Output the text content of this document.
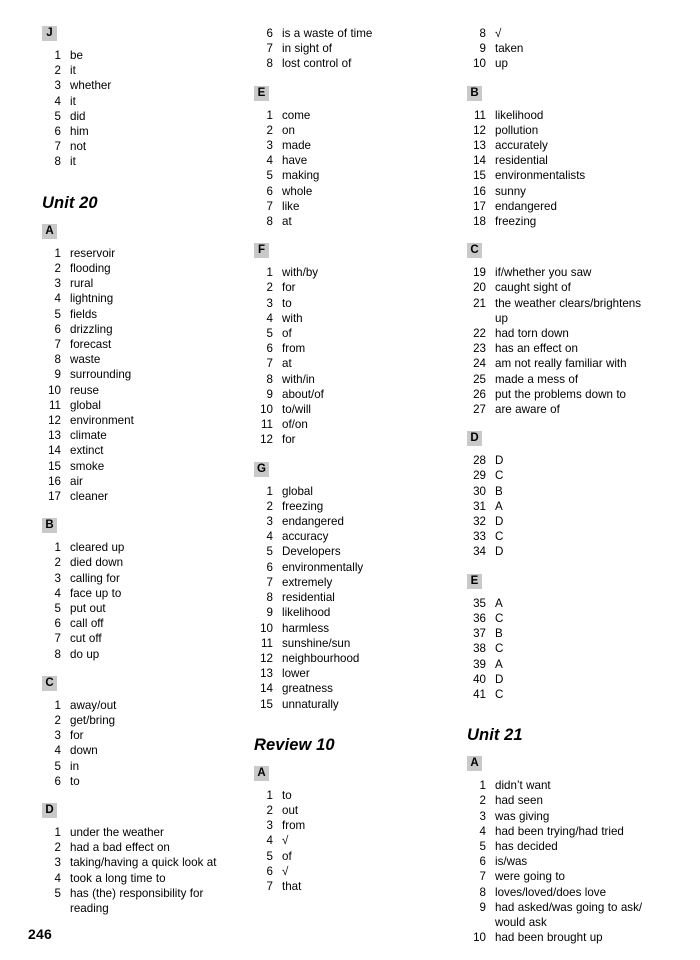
J
1 be
2 it
3 whether
4 it
5 did
6 him
7 not
8 it
Unit 20
A
1 reservoir
2 flooding
3 rural
4 lightning
5 fields
6 drizzling
7 forecast
8 waste
9 surrounding
10 reuse
11 global
12 environment
13 climate
14 extinct
15 smoke
16 air
17 cleaner
B
1 cleared up
2 died down
3 calling for
4 face up to
5 put out
6 call off
7 cut off
8 do up
C
1 away/out
2 get/bring
3 for
4 down
5 in
6 to
D
1 under the weather
2 had a bad effect on
3 taking/having a quick look at
4 took a long time to
5 has (the) responsibility for
reading
6 is a waste of time
7 in sight of
8 lost control of
E
1 come
2 on
3 made
4 have
5 making
6 whole
7 like
8 at
F
1 with/by
2 for
3 to
4 with
5 of
6 from
7 at
8 with/in
9 about/of
10 to/will
11 of/on
12 for
G
1 global
2 freezing
3 endangered
4 accuracy
5 Developers
6 environmentally
7 extremely
8 residential
9 likelihood
10 harmless
11 sunshine/sun
12 neighbourhood
13 lower
14 greatness
15 unnaturally
Review 10
A
1 to
2 out
3 from
4 √
5 of
6 √
7 that
8 √
9 taken
10 up
B
11 likelihood
12 pollution
13 accurately
14 residential
15 environmentalists
16 sunny
17 endangered
18 freezing
C
19 if/whether you saw
20 caught sight of
21 the weather clears/brightens up
22 had torn down
23 has an effect on
24 am not really familiar with
25 made a mess of
26 put the problems down to
27 are aware of
D
28 D
29 C
30 B
31 A
32 D
33 C
34 D
E
35 A
36 C
37 B
38 C
39 A
40 D
41 C
Unit 21
A
1 didn’t want
2 had seen
3 was giving
4 had been trying/had tried
5 has decided
6 is/was
7 were going to
8 loves/loved/does love
9 had asked/was going to ask/
would ask
10 had been brought up
246
